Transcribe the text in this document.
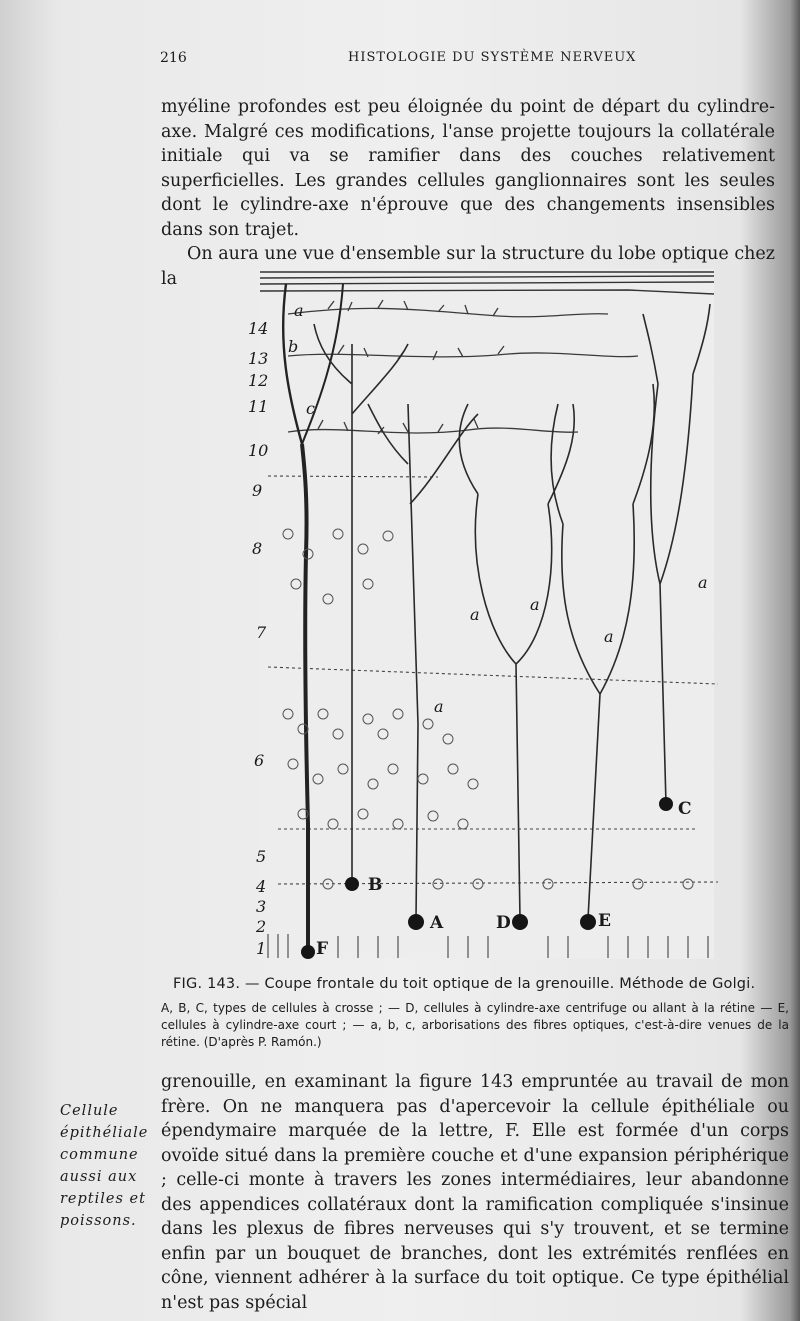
216	HISTOLOGIE DU SYSTÈME NERVEUX

myéline profondes est peu éloignée du point de départ du cylindre-axe. Malgré ces modifications, l'anse projette toujours la collatérale initiale qui va se ramifier dans des couches relativement superficielles. Les grandes cellules ganglionnaires sont les seules dont le cylindre-axe n'éprouve que des changements insensibles dans son trajet.
On aura une vue d'ensemble sur la structure du lobe optique chez la

14
13
12
11
10
9
8
7
6
5
4
3
2
1
a
b
c
B
A	D	E
C
F
a
a
a
a
a

FIG. 143. — Coupe frontale du toit optique de la grenouille. Méthode de Golgi.

A, B, C, types de cellules à crosse ; — D, cellules à cylindre-axe centrifuge ou allant à la rétine — E, cellules à cylindre-axe court ; — a, b, c, arborisations des fibres optiques, c'est-à-dire venues de la rétine. (D'après P. Ramón.)

Cellule épithéliale commune aussi aux reptiles et poissons.

grenouille, en examinant la figure 143 empruntée au travail de mon frère. On ne manquera pas d'apercevoir la cellule épithéliale ou épendymaire marquée de la lettre, F. Elle est formée d'un corps ovoïde situé dans la première couche et d'une expansion périphérique ; celle-ci monte à travers les zones intermédiaires, leur abandonne des appendices collatéraux dont la ramification compliquée s'insinue dans les plexus de fibres nerveuses qui s'y trouvent, et se termine enfin par un bouquet de branches, dont les extrémités renflées en cône, viennent adhérer à la surface du toit optique. Ce type épithélial n'est pas spécial
